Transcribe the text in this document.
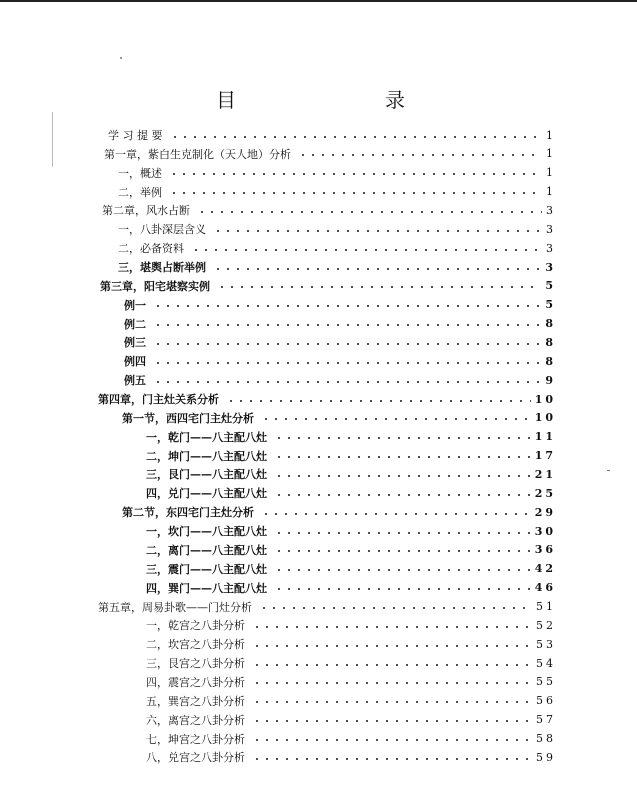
目	录
学 习 提 要	1
第一章，紫白生克制化（天人地）分析	1
一，概述	1
二，举例	1
第二章，风水占断	3
一，八卦深层含义	3
二，必备资料	3
三，堪舆占断举例	3
第三章，阳宅堪察实例	5
例一	5
例二	8
例三	8
例四	8
例五	9
第四章，门主灶关系分析	10
第一节，西四宅门主灶分析	10
一，乾门——八主配八灶	11
二，坤门——八主配八灶	17
三，艮门——八主配八灶	21
四，兑门——八主配八灶	25
第二节，东四宅门主灶分析	29
一，坎门——八主配八灶	30
二，离门——八主配八灶	36
三，震门——八主配八灶	42
四，巽门——八主配八灶	46
第五章，周易卦歌——门灶分析	51
一，乾宫之八卦分析	52
二，坎宫之八卦分析	53
三，艮宫之八卦分析	54
四，震宫之八卦分析	55
五，巽宫之八卦分析	56
六，离宫之八卦分析	57
七，坤宫之八卦分析	58
八，兑宫之八卦分析	59
